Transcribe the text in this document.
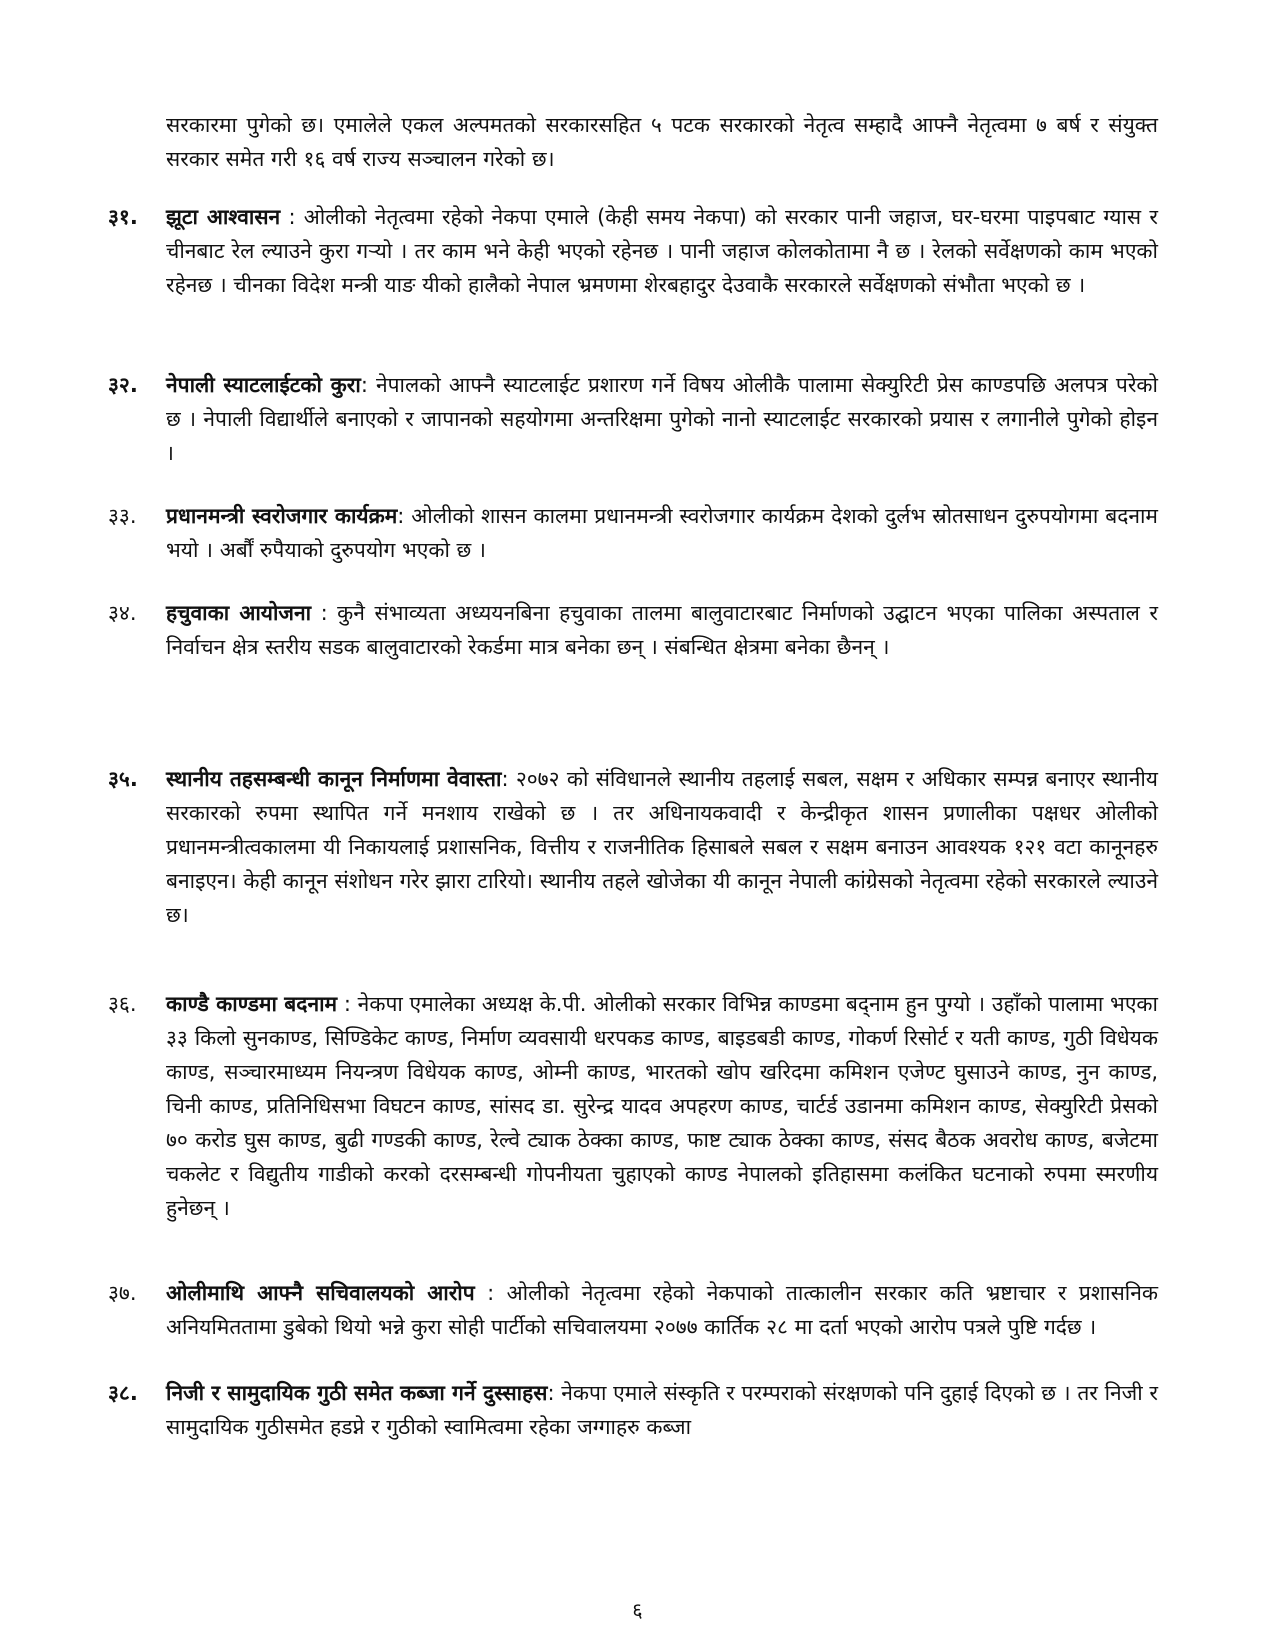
सरकारमा पुगेको छ। एमालेले एकल अल्पमतको सरकारसहित ५ पटक सरकारको नेतृत्व सम्हादै आफ्नै नेतृत्वमा ७ बर्ष र संयुक्त सरकार समेत गरी १६ वर्ष राज्य सञ्चालन गरेको छ।

३१.	झूटा आश्वासन : ओलीको नेतृत्वमा रहेको नेकपा एमाले (केही समय नेकपा) को सरकार पानी जहाज, घर-घरमा पाइपबाट ग्यास र चीनबाट रेल ल्याउने कुरा गऱ्यो । तर काम भने केही भएको रहेनछ । पानी जहाज कोलकोतामा नै छ । रेलको सर्वेक्षणको काम भएको रहेनछ । चीनका विदेश मन्त्री याङ यीको हालैको नेपाल भ्रमणमा शेरबहादुर देउवाकै सरकारले सर्वेक्षणको संभौता भएको छ ।
३२.	नेपाली स्याटलाईटको कुरा: नेपालको आफ्नै स्याटलाईट प्रशारण गर्ने विषय ओलीकै पालामा सेक्युरिटी प्रेस काण्डपछि अलपत्र परेको छ । नेपाली विद्यार्थीले बनाएको र जापानको सहयोगमा अन्तरिक्षमा पुगेको नानो स्याटलाईट सरकारको प्रयास र लगानीले पुगेको होइन ।
३३.	प्रधानमन्त्री स्वरोजगार कार्यक्रम: ओलीको शासन कालमा प्रधानमन्त्री स्वरोजगार कार्यक्रम देशको दुर्लभ स्रोतसाधन दुरुपयोगमा बदनाम भयो । अर्बौं रुपैयाको दुरुपयोग भएको छ ।
३४.	हचुवाका आयोजना : कुनै संभाव्यता अध्ययनबिना हचुवाका तालमा बालुवाटारबाट निर्माणको उद्घाटन भएका पालिका अस्पताल र निर्वाचन क्षेत्र स्तरीय सडक बालुवाटारको रेकर्डमा मात्र बनेका छन् । संबन्धित क्षेत्रमा बनेका छैनन् ।
३५.	स्थानीय तहसम्बन्धी कानून निर्माणमा वेवास्ता: २०७२ को संविधानले स्थानीय तहलाई सबल, सक्षम र अधिकार सम्पन्न बनाएर स्थानीय सरकारको रुपमा स्थापित गर्ने मनशाय राखेको छ । तर अधिनायकवादी र केन्द्रीकृत शासन प्रणालीका पक्षधर ओलीको प्रधानमन्त्रीत्वकालमा यी निकायलाई प्रशासनिक, वित्तीय र राजनीतिक हिसाबले सबल र सक्षम बनाउन आवश्यक १२१ वटा कानूनहरु बनाइएन। केही कानून संशोधन गरेर झारा टारियो। स्थानीय तहले खोजेका यी कानून नेपाली कांग्रेसको नेतृत्वमा रहेको सरकारले ल्याउने छ।
३६.	काण्डै काण्डमा बदनाम : नेकपा एमालेका अध्यक्ष के.पी. ओलीको सरकार विभिन्न काण्डमा बद्नाम हुन पुग्यो । उहाँको पालामा भएका ३३ किलो सुनकाण्ड, सिण्डिकेट काण्ड, निर्माण व्यवसायी धरपकड काण्ड, बाइडबडी काण्ड, गोकर्ण रिसोर्ट र यती काण्ड, गुठी विधेयक काण्ड, सञ्चारमाध्यम नियन्त्रण विधेयक काण्ड, ओम्नी काण्ड, भारतको खोप खरिदमा कमिशन एजेण्ट घुसाउने काण्ड, नुन काण्ड, चिनी काण्ड, प्रतिनिधिसभा विघटन काण्ड, सांसद डा. सुरेन्द्र यादव अपहरण काण्ड, चार्टर्ड उडानमा कमिशन काण्ड, सेक्युरिटी प्रेसको ७० करोड घुस काण्ड, बुढी गण्डकी काण्ड, रेल्वे ट्याक ठेक्का काण्ड, फाष्ट ट्याक ठेक्का काण्ड, संसद बैठक अवरोध काण्ड, बजेटमा चकलेट र विद्युतीय गाडीको करको दरसम्बन्धी गोपनीयता चुहाएको काण्ड नेपालको इतिहासमा कलंकित घटनाको रुपमा स्मरणीय हुनेछन् ।
३७.	ओलीमाथि आफ्नै सचिवालयको आरोप : ओलीको नेतृत्वमा रहेको नेकपाको तात्कालीन सरकार कति भ्रष्टाचार र प्रशासनिक अनियमिततामा डुबेको थियो भन्ने कुरा सोही पार्टीको सचिवालयमा २०७७ कार्तिक २८ मा दर्ता भएको आरोप पत्रले पुष्टि गर्दछ ।
३८.	निजी र सामुदायिक गुठी समेत कब्जा गर्ने दुस्साहस: नेकपा एमाले संस्कृति र परम्पराको संरक्षणको पनि दुहाई दिएको छ । तर निजी र सामुदायिक गुठीसमेत हडप्ने र गुठीको स्वामित्वमा रहेका जग्गाहरु कब्जा
६
